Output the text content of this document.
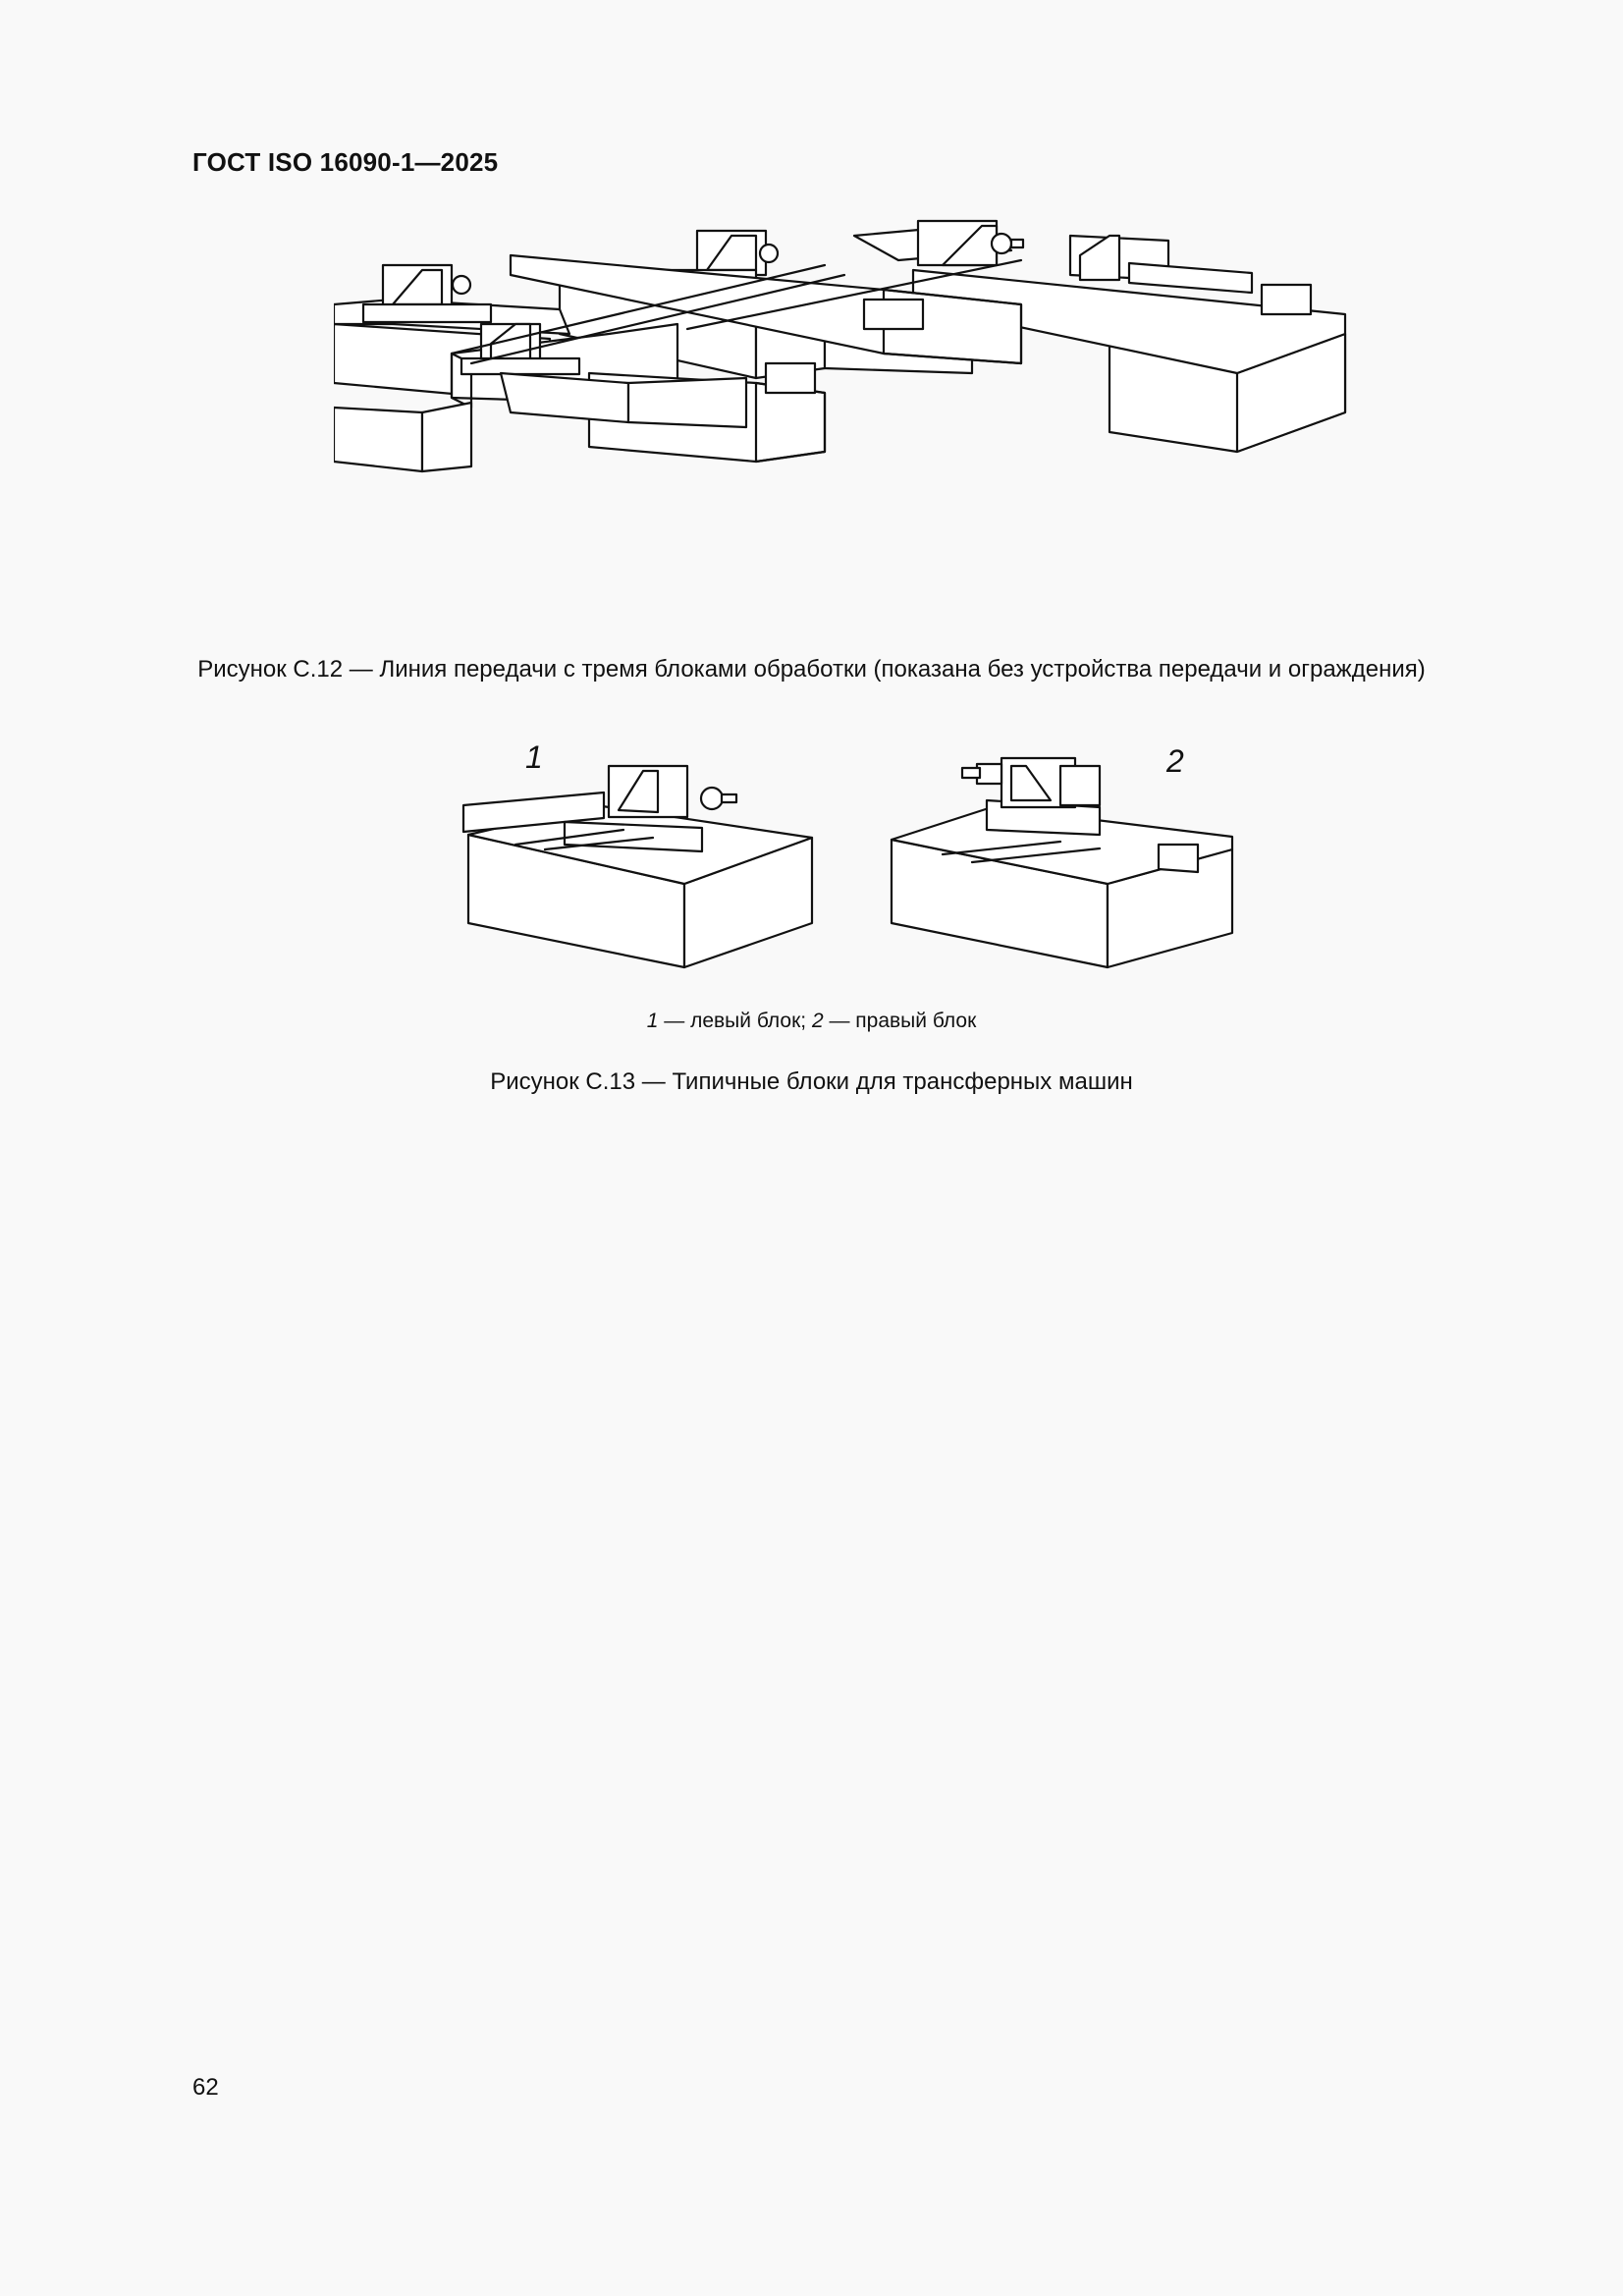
ГОСТ ISO 16090-1—2025
Рисунок С.12 — Линия передачи с тремя блоками обработки (показана без устройства передачи и ограждения)
1	2
1 — левый блок; 2 — правый блок
Рисунок С.13 — Типичные блоки для трансферных машин
62
